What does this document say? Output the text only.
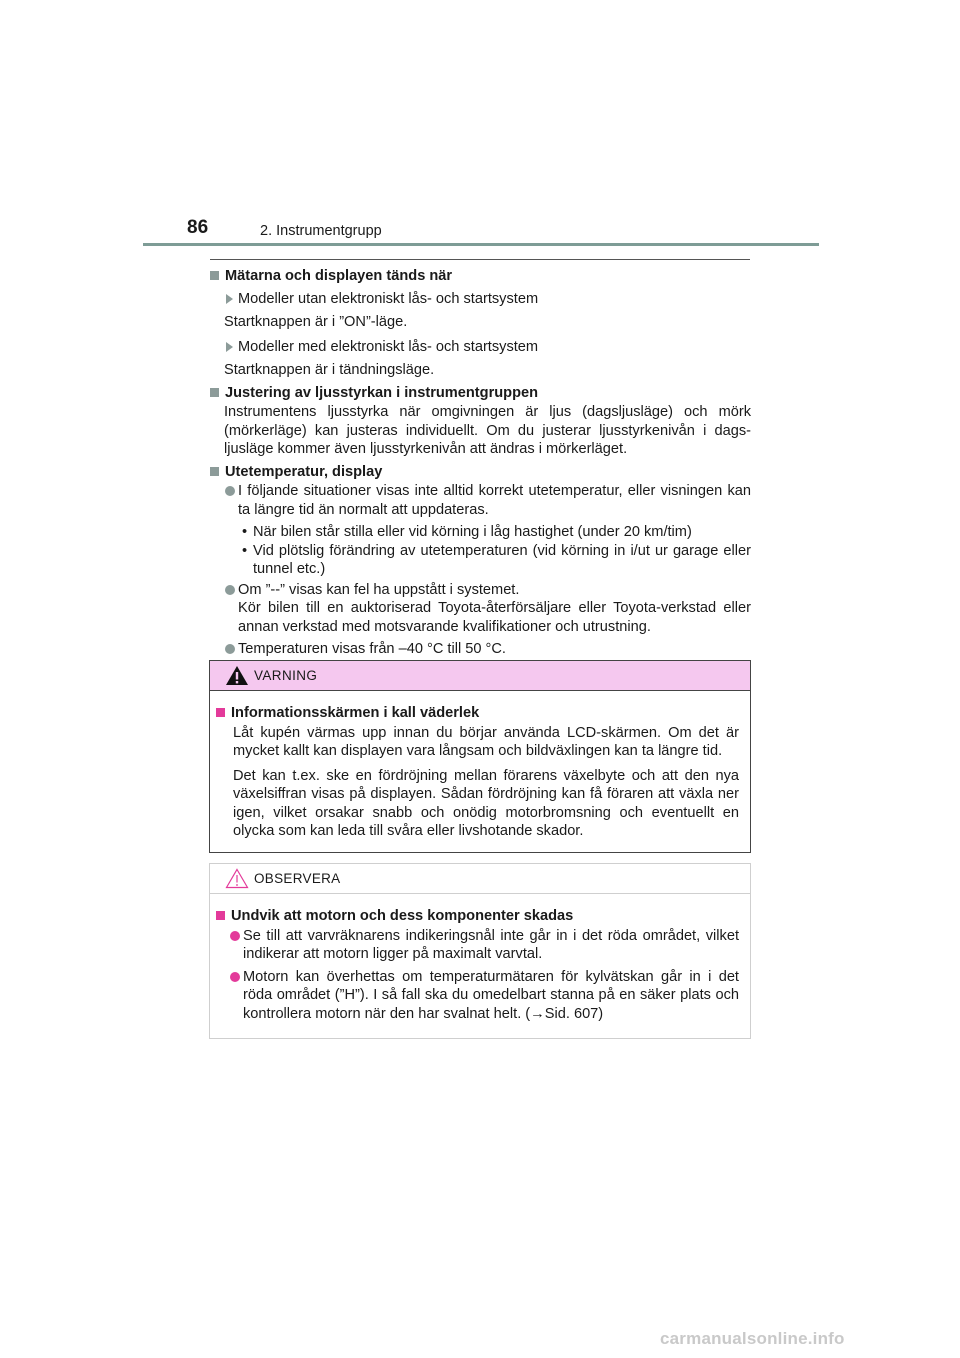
86	2. Instrumentgrupp
Mätarna och displayen tänds när
Modeller utan elektroniskt lås- och startsystem
Startknappen är i ”ON”-läge.
Modeller med elektroniskt lås- och startsystem
Startknappen är i tändningsläge.
Justering av ljusstyrkan i instrumentgruppen
Instrumentens ljusstyrka när omgivningen är ljus (dagsljusläge) och mörk (mörkerläge) kan justeras individuellt. Om du justerar ljusstyrkenivån i dags-ljusläge kommer även ljusstyrkenivån att ändras i mörkerläget.
Utetemperatur, display
I följande situationer visas inte alltid korrekt utetemperatur, eller visningen kan ta längre tid än normalt att uppdateras.
• När bilen står stilla eller vid körning i låg hastighet (under 20 km/tim)
• Vid plötslig förändring av utetemperaturen (vid körning in i/ut ur garage eller tunnel etc.)
Om ”--” visas kan fel ha uppstått i systemet.
Kör bilen till en auktoriserad Toyota-återförsäljare eller Toyota-verkstad eller annan verkstad med motsvarande kvalifikationer och utrustning.
Temperaturen visas från –40 °C till 50 °C.
VARNING
Informationsskärmen i kall väderlek
Låt kupén värmas upp innan du börjar använda LCD-skärmen. Om det är mycket kallt kan displayen vara långsam och bildväxlingen kan ta längre tid.
Det kan t.ex. ske en fördröjning mellan förarens växelbyte och att den nya växelsiffran visas på displayen. Sådan fördröjning kan få föraren att växla ner igen, vilket orsakar snabb och onödig motorbromsning och eventuellt en olycka som kan leda till svåra eller livshotande skador.
OBSERVERA
Undvik att motorn och dess komponenter skadas
Se till att varvräknarens indikeringsnål inte går in i det röda området, vilket indikerar att motorn ligger på maximalt varvtal.
Motorn kan överhettas om temperaturmätaren för kylvätskan går in i det röda området (”H”). I så fall ska du omedelbart stanna på en säker plats och kontrollera motorn när den har svalnat helt. (→Sid. 607)
carmanualsonline.info
